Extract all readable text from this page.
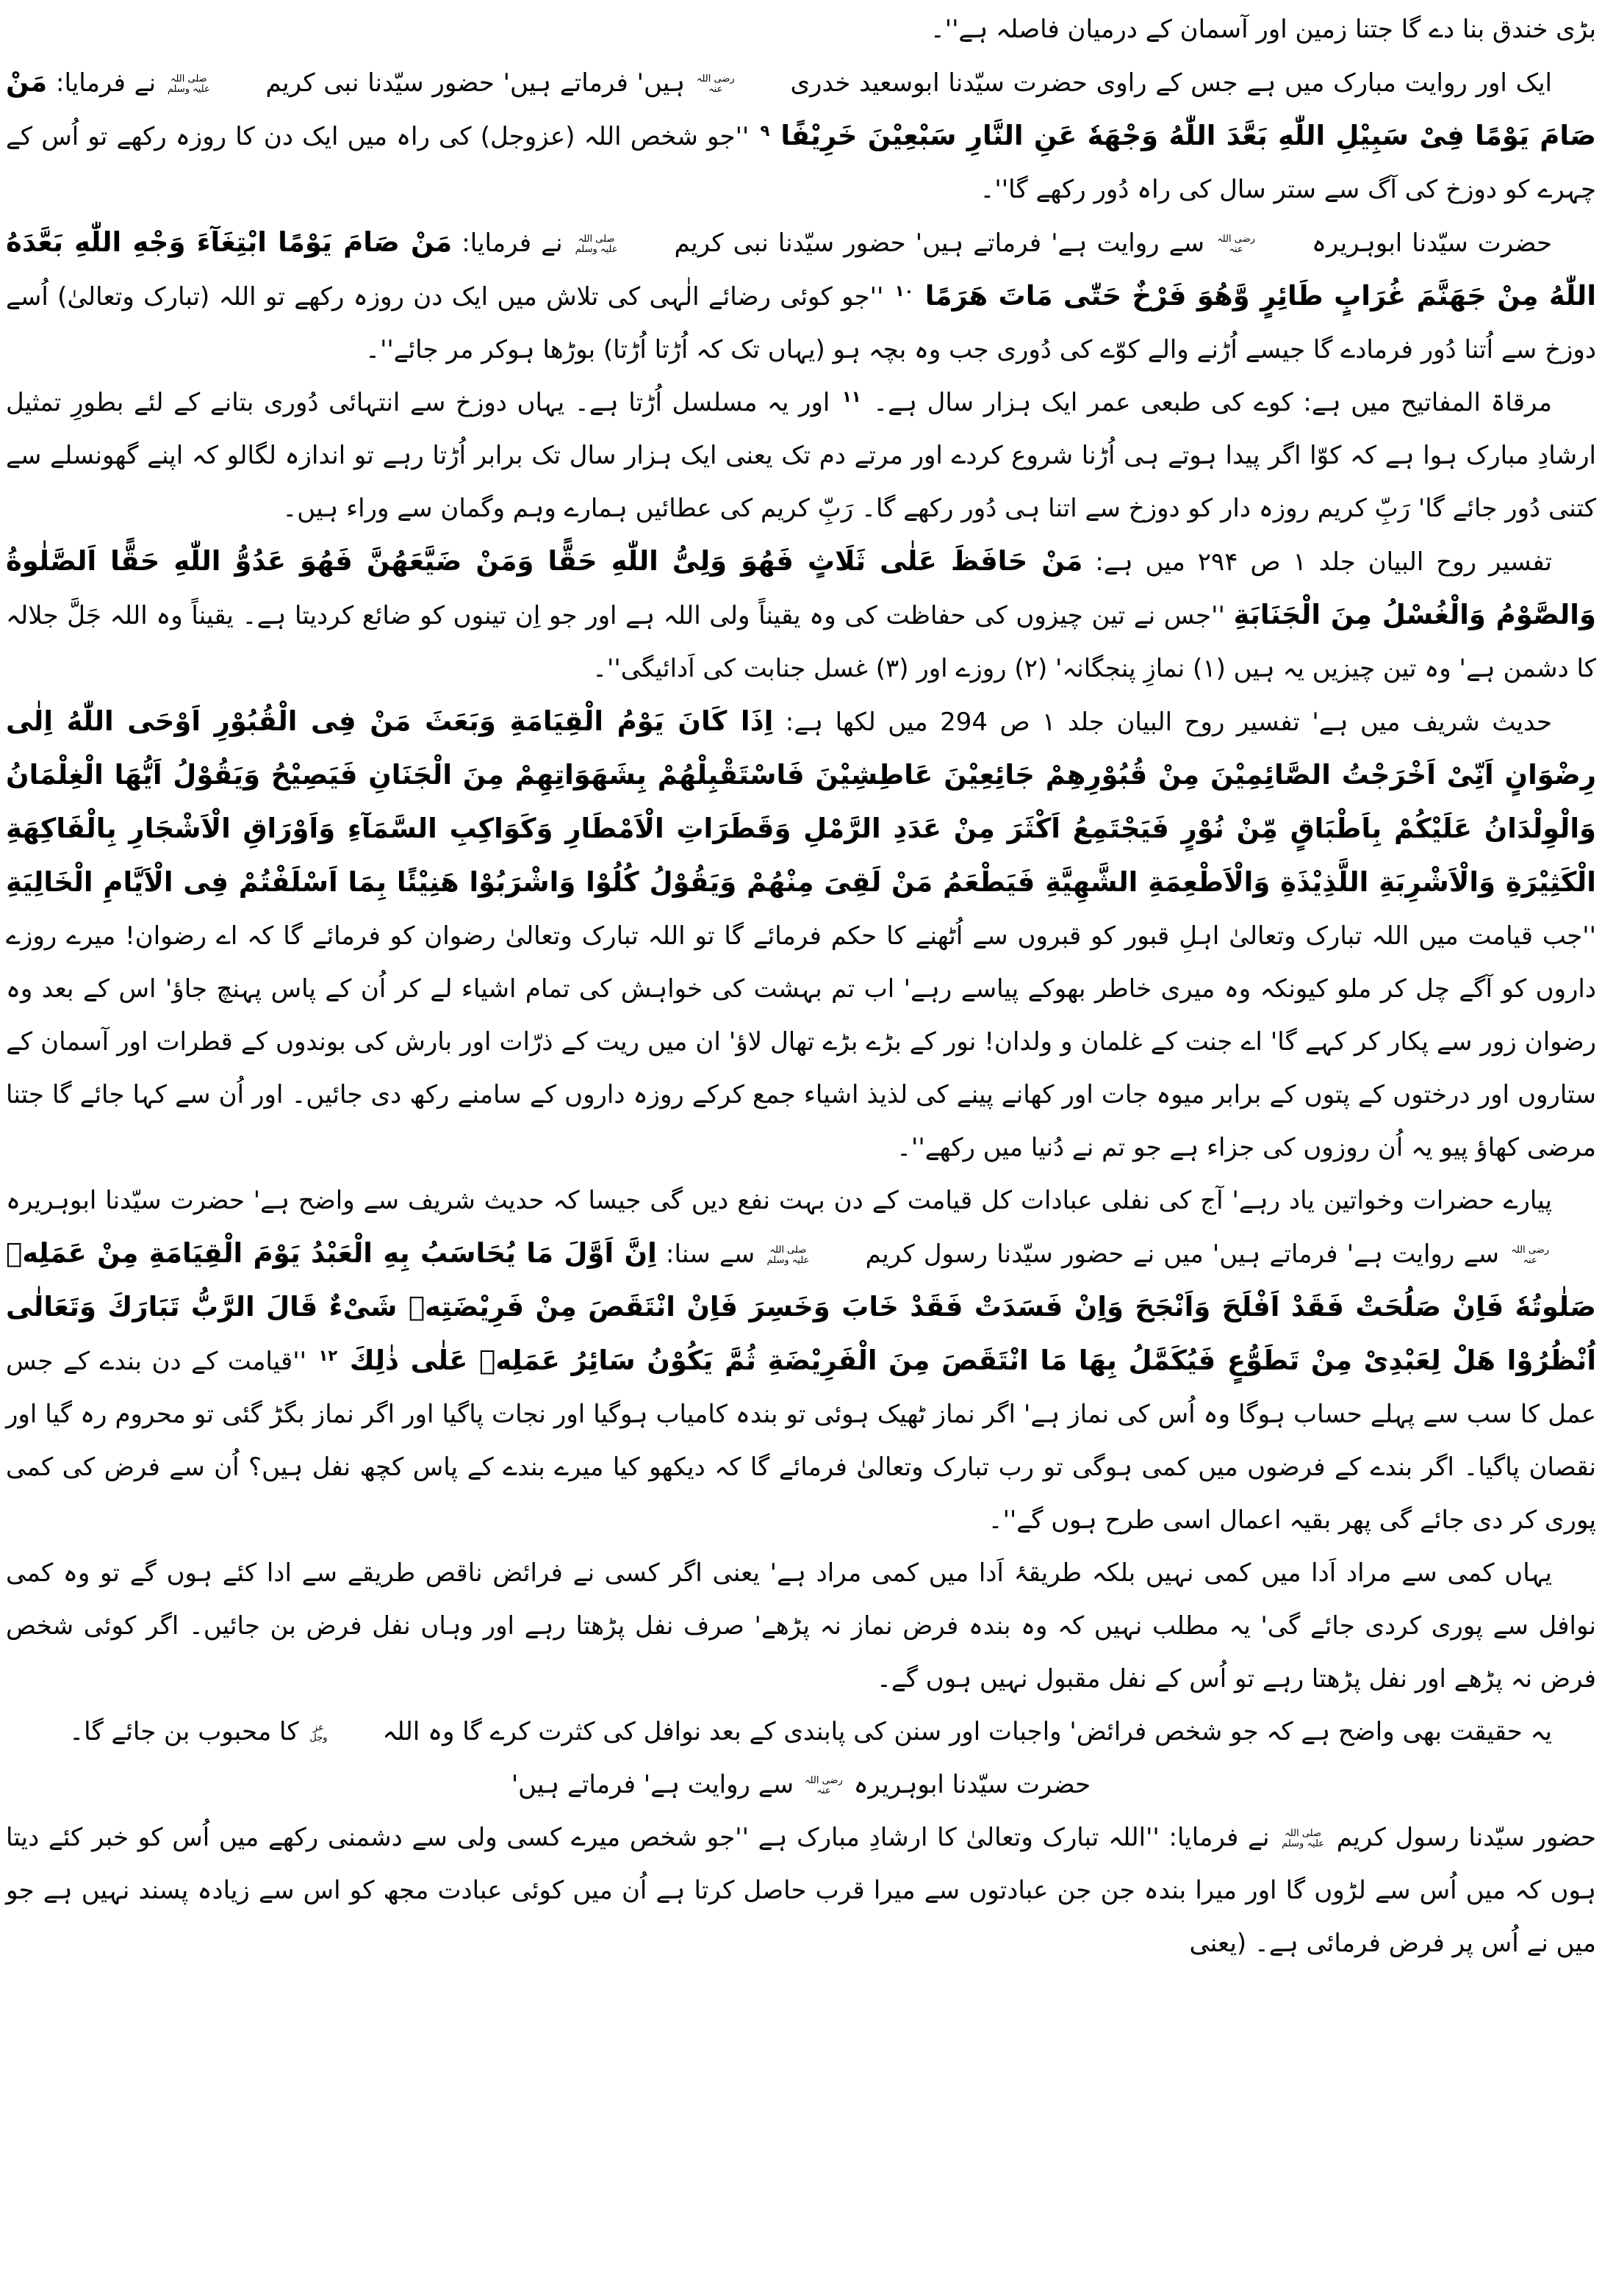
بڑی خندق بنا دے گا جتنا زمین اور آسمان کے درمیان فاصلہ ہے''۔

ایک اور روایت مبارک میں ہے جس کے راوی حضرت سیّدنا ابوسعید خدری
رضی اللہ
عنہ
ہیں' فرماتے ہیں' حضور سیّدنا نبی کریم
صلی اللہ
علیہ وسلم
نے فرمایا: مَنْ صَامَ يَوْمًا فِىْ سَبِيْلِ اللّٰهِ بَعَّدَ اللّٰهُ وَجْهَهٗ عَنِ النَّارِ سَبْعِيْنَ خَرِيْفًا $^۹$ ''جو شخص اللہ (عزوجل) کی راہ میں ایک دن کا روزہ رکھے تو اُس کے چہرے کو دوزخ کی آگ سے ستر سال کی راہ دُور رکھے گا''۔

حضرت سیّدنا ابوہریرہ
رضی اللہ
عنہ
سے روایت ہے' فرماتے ہیں' حضور سیّدنا نبی کریم
صلی اللہ
علیہ وسلم
نے فرمایا: مَنْ صَامَ يَوْمًا ابْتِغَآءَ وَجْهِ اللّٰهِ بَعَّدَهُ اللّٰهُ مِنْ جَهَنَّمَ غُرَابٍ طَائِرٍ وَّهُوَ فَرْخٌ حَتّٰى مَاتَ هَرَمًا $^{۱۰}$ ''جو کوئی رضائے الٰہی کی تلاش میں ایک دن روزہ رکھے تو اللہ (تبارک وتعالیٰ) اُسے دوزخ سے اُتنا دُور فرمادے گا جیسے اُڑنے والے کوّے کی دُوری جب وہ بچہ ہو (یہاں تک کہ اُڑتا اُڑتا) بوڑھا ہوکر مر جائے''۔

مرقاۃ المفاتیح میں ہے: کوے کی طبعی عمر ایک ہزار سال ہے۔ $^{۱۱}$ اور یہ مسلسل اُڑتا ہے۔ یہاں دوزخ سے انتہائی دُوری بتانے کے لئے بطورِ تمثیل ارشادِ مبارک ہوا ہے کہ کوّا اگر پیدا ہوتے ہی اُڑنا شروع کردے اور مرتے دم تک یعنی ایک ہزار سال تک برابر اُڑتا رہے تو اندازہ لگالو کہ اپنے گھونسلے سے کتنی دُور جائے گا' رَبِّ کریم روزہ دار کو دوزخ سے اتنا ہی دُور رکھے گا۔ رَبِّ کریم کی عطائیں ہمارے وہم وگمان سے وراء ہیں۔

تفسیر روح البیان جلد ۱ ص ۲۹۴ میں ہے: مَنْ حَافَظَ عَلٰى ثَلَاثٍ فَهُوَ وَلِىُّ اللّٰهِ حَقًّا وَمَنْ ضَيَّعَهُنَّ فَهُوَ عَدُوُّ اللّٰهِ حَقًّا اَلصَّلٰوةُ وَالصَّوْمُ وَالْغُسْلُ مِنَ الْجَنَابَةِ ''جس نے تین چیزوں کی حفاظت کی وہ یقیناً ولی اللہ ہے اور جو اِن تینوں کو ضائع کردیتا ہے۔ یقیناً وہ اللہ جَلَّ جلالہ کا دشمن ہے' وہ تین چیزیں یہ ہیں (۱) نمازِ پنجگانہ' (۲) روزے اور (۳) غسل جنابت کی اَدائیگی''۔

حدیث شریف میں ہے' تفسیر روح البیان جلد ۱ ص 294 میں لکھا ہے: اِذَا كَانَ يَوْمُ الْقِيَامَةِ وَبَعَثَ مَنْ فِى الْقُبُوْرِ اَوْحَى اللّٰهُ اِلٰى رِضْوَانٍ اَنِّىْ اَخْرَجْتُ الصَّائِمِيْنَ مِنْ قُبُوْرِهِمْ جَائِعِيْنَ عَاطِشِيْنَ فَاسْتَقْبِلْهُمْ بِشَهَوَاتِهِمْ مِنَ الْجَنَانِ فَيَصِيْحُ وَيَقُوْلُ اَيُّهَا الْغِلْمَانُ وَالْوِلْدَانُ عَلَيْكُمْ بِاَطْبَاقٍ مِّنْ نُوْرٍ فَيَجْتَمِعُ اَكْثَرَ مِنْ عَدَدِ الرَّمْلِ وَقَطَرَاتِ الْاَمْطَارِ وَكَوَاكِبِ السَّمَآءِ وَاَوْرَاقِ الْاَشْجَارِ بِالْفَاكِهَةِ الْكَثِيْرَةِ وَالْاَشْرِبَةِ اللَّذِيْذَةِ وَالْاَطْعِمَةِ الشَّهِيَّةِ فَيَطْعَمُ مَنْ لَقِىَ مِنْهُمْ وَيَقُوْلُ كُلُوْا وَاشْرَبُوْا هَنِيْئًا بِمَا اَسْلَفْتُمْ فِى الْاَيَّامِ الْخَالِيَةِ ''جب قیامت میں اللہ تبارک وتعالیٰ اہلِ قبور کو قبروں سے اُٹھنے کا حکم فرمائے گا تو اللہ تبارک وتعالیٰ رضوان کو فرمائے گا کہ اے رضوان! میرے روزے داروں کو آگے چل کر ملو کیونکہ وہ میری خاطر بھوکے پیاسے رہے' اب تم بہشت کی خواہش کی تمام اشیاء لے کر اُن کے پاس پہنچ جاؤ' اس کے بعد وہ رضوان زور سے پکار کر کہے گا' اے جنت کے غلمان و ولدان! نور کے بڑے بڑے تھال لاؤ' ان میں ریت کے ذرّات اور بارش کی بوندوں کے قطرات اور آسمان کے ستاروں اور درختوں کے پتوں کے برابر میوہ جات اور کھانے پینے کی لذیذ اشیاء جمع کرکے روزہ داروں کے سامنے رکھ دی جائیں۔ اور اُن سے کہا جائے گا جتنا مرضی کھاؤ پیو یہ اُن روزوں کی جزاء ہے جو تم نے دُنیا میں رکھے''۔

پیارے حضرات وخواتین یاد رہے' آج کی نفلی عبادات کل قیامت کے دن بہت نفع دیں گی جیسا کہ حدیث شریف سے واضح ہے' حضرت سیّدنا ابوہریرہ
رضی اللہ
عنہ
سے روایت ہے' فرماتے ہیں' میں نے حضور سیّدنا رسول کریم
صلی اللہ
علیہ وسلم
سے سنا: اِنَّ اَوَّلَ مَا يُحَاسَبُ بِهِ الْعَبْدُ يَوْمَ الْقِيَامَةِ مِنْ عَمَلِهٖ صَلٰوتُهٗ فَاِنْ صَلُحَتْ فَقَدْ اَفْلَحَ وَاَنْجَحَ وَاِنْ فَسَدَتْ فَقَدْ خَابَ وَخَسِرَ فَاِنْ انْتَقَصَ مِنْ فَرِيْضَتِهٖ شَىْءٌ قَالَ الرَّبُّ تَبَارَكَ وَتَعَالٰى اُنْظُرُوْا هَلْ لِعَبْدِىْ مِنْ تَطَوُّعٍ فَيُكَمَّلُ بِهَا مَا انْتَقَصَ مِنَ الْفَرِيْضَةِ ثُمَّ يَكُوْنُ سَائِرُ عَمَلِهٖ عَلٰى ذٰلِكَ $^{۱۲}$ ''قیامت کے دن بندے کے جس عمل کا سب سے پہلے حساب ہوگا وہ اُس کی نماز ہے' اگر نماز ٹھیک ہوئی تو بندہ کامیاب ہوگیا اور نجات پاگیا اور اگر نماز بگڑ گئی تو محروم رہ گیا اور نقصان پاگیا۔ اگر بندے کے فرضوں میں کمی ہوگی تو رب تبارک وتعالیٰ فرمائے گا کہ دیکھو کیا میرے بندے کے پاس کچھ نفل ہیں؟ اُن سے فرض کی کمی پوری کر دی جائے گی پھر بقیہ اعمال اسی طرح ہوں گے''۔

یہاں کمی سے مراد اَدا میں کمی نہیں بلکہ طریقۂ اَدا میں کمی مراد ہے' یعنی اگر کسی نے فرائض ناقص طریقے سے ادا کئے ہوں گے تو وہ کمی نوافل سے پوری کردی جائے گی' یہ مطلب نہیں کہ وہ بندہ فرض نماز نہ پڑھے' صرف نفل پڑھتا رہے اور وہاں نفل فرض بن جائیں۔ اگر کوئی شخص فرض نہ پڑھے اور نفل پڑھتا رہے تو اُس کے نفل مقبول نہیں ہوں گے۔

یہ حقیقت بھی واضح ہے کہ جو شخص فرائض' واجبات اور سنن کی پابندی کے بعد نوافل کی کثرت کرے گا وہ اللہ
عز
وجل
کا محبوب بن جائے گا۔

حضرت سیّدنا ابوہریرہ
رضی اللہ
عنہ
سے روایت ہے' فرماتے ہیں'

حضور سیّدنا رسول کریم
صلی اللہ
علیہ وسلم
نے فرمایا: ''اللہ تبارک وتعالیٰ کا ارشادِ مبارک ہے ''جو شخص میرے کسی ولی سے دشمنی رکھے میں اُس کو خبر کئے دیتا ہوں کہ میں اُس سے لڑوں گا اور میرا بندہ جن جن عبادتوں سے میرا قرب حاصل کرتا ہے اُن میں کوئی عبادت مجھ کو اس سے زیادہ پسند نہیں ہے جو میں نے اُس پر فرض فرمائی ہے۔ (یعنی
